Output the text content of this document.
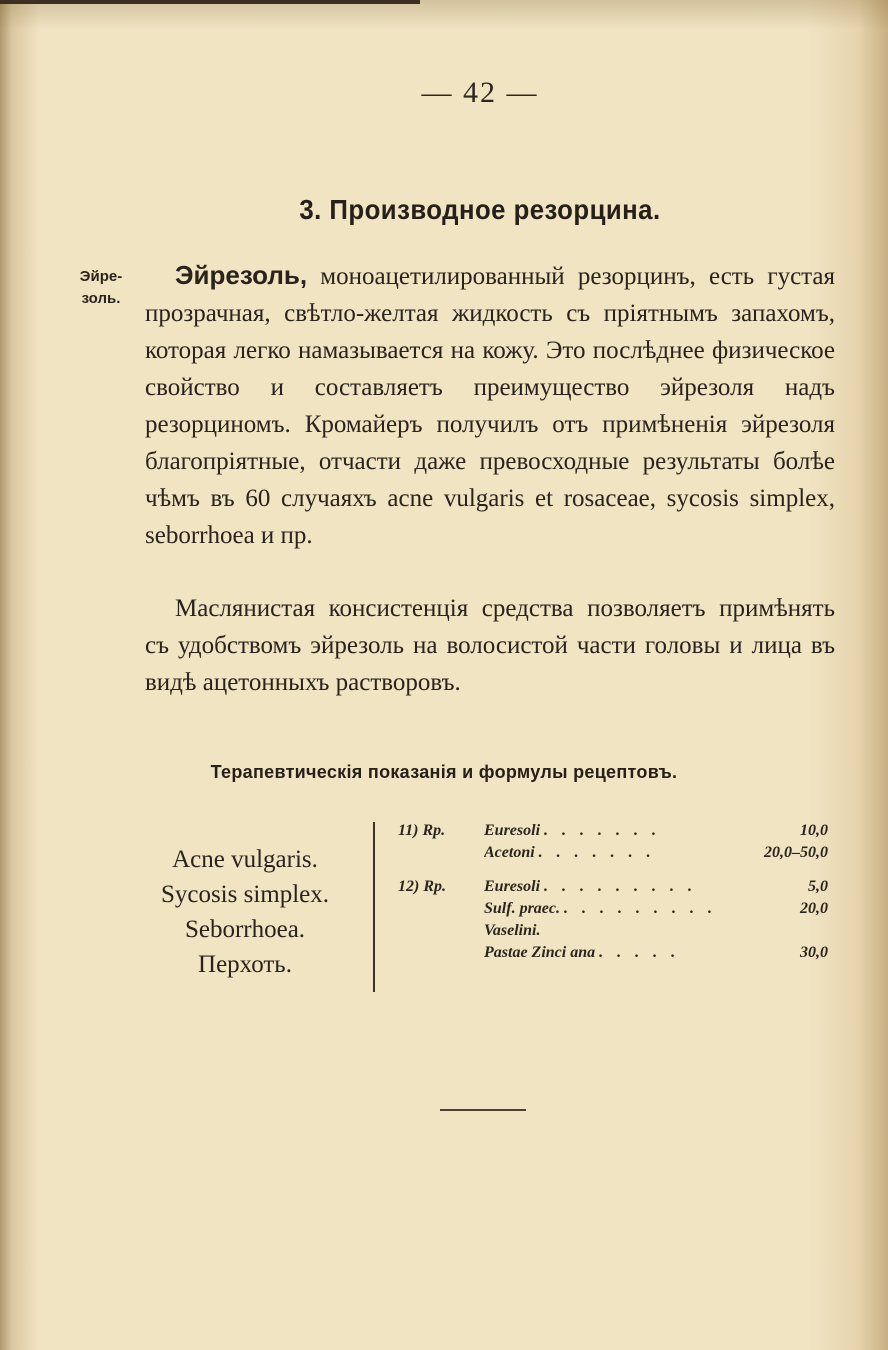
— 42 —
3. Производное резорцина.
Эйре-
золь.
Эйрезоль, моноацетилированный резорцинъ, есть густая прозрачная, свѣтло-желтая жидкость съ пріятнымъ запахомъ, которая легко намазывается на кожу. Это послѣднее физическое свойство и составляетъ преимущество эйрезоля надъ резорциномъ. Кромайеръ получилъ отъ примѣненія эйрезоля благопріятные, отчасти даже превосходные результаты болѣе чѣмъ въ 60 случаяхъ acne vulgaris et rosaceae, sycosis simplex, seborrhoea и пр.
Маслянистая консистенція средства позволяетъ примѣнять съ удобствомъ эйрезоль на волосистой части головы и лица въ видѣ ацетонныхъ растворовъ.
Терапевтическія показанія и формулы рецептовъ.
Acne vulgaris.
Sycosis simplex.
Seborrhoea.
Перхоть.
11) Rp.	Euresoli . . . . . . .	10,0
Acetoni . . . . . . .	20,0–50,0
12) Rp.	Euresoli . . . . . . . . .	5,0
Sulf. praec. . . . . . . . . .	20,0
Vaselini.
Pastae Zinci ana . . . . .	30,0
